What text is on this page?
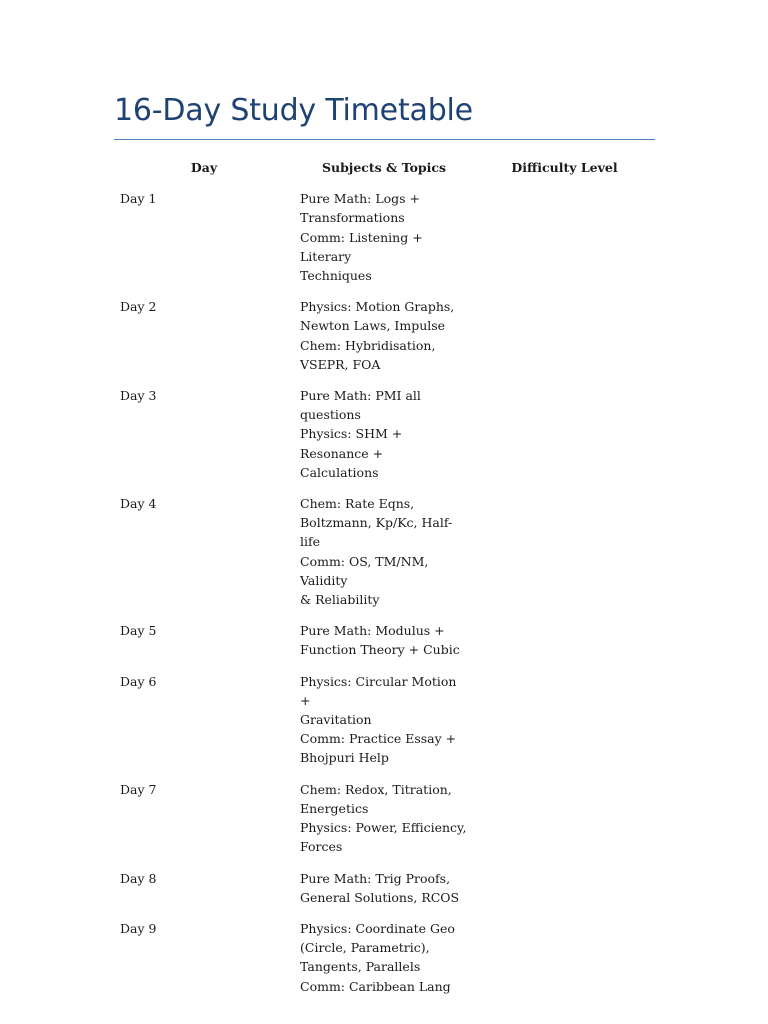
16-Day Study Timetable
Day	Subjects & Topics	Difficulty Level
Day 1	Pure Math: Logs +
Transformations
Comm: Listening + Literary
Techniques	

Day 2	Physics: Motion Graphs,
Newton Laws, Impulse
Chem: Hybridisation,
VSEPR, FOA	

Day 3	Pure Math: PMI all
questions
Physics: SHM + Resonance +
Calculations	

Day 4	Chem: Rate Eqns,
Boltzmann, Kp/Kc, Half-life
Comm: OS, TM/NM, Validity
& Reliability	

Day 5	Pure Math: Modulus +
Function Theory + Cubic	

Day 6	Physics: Circular Motion +
Gravitation
Comm: Practice Essay +
Bhojpuri Help	

Day 7	Chem: Redox, Titration,
Energetics
Physics: Power, Efficiency,
Forces	

Day 8	Pure Math: Trig Proofs,
General Solutions, RCOS	

Day 9	Physics: Coordinate Geo
(Circle, Parametric),
Tangents, Parallels
Comm: Caribbean Lang	
